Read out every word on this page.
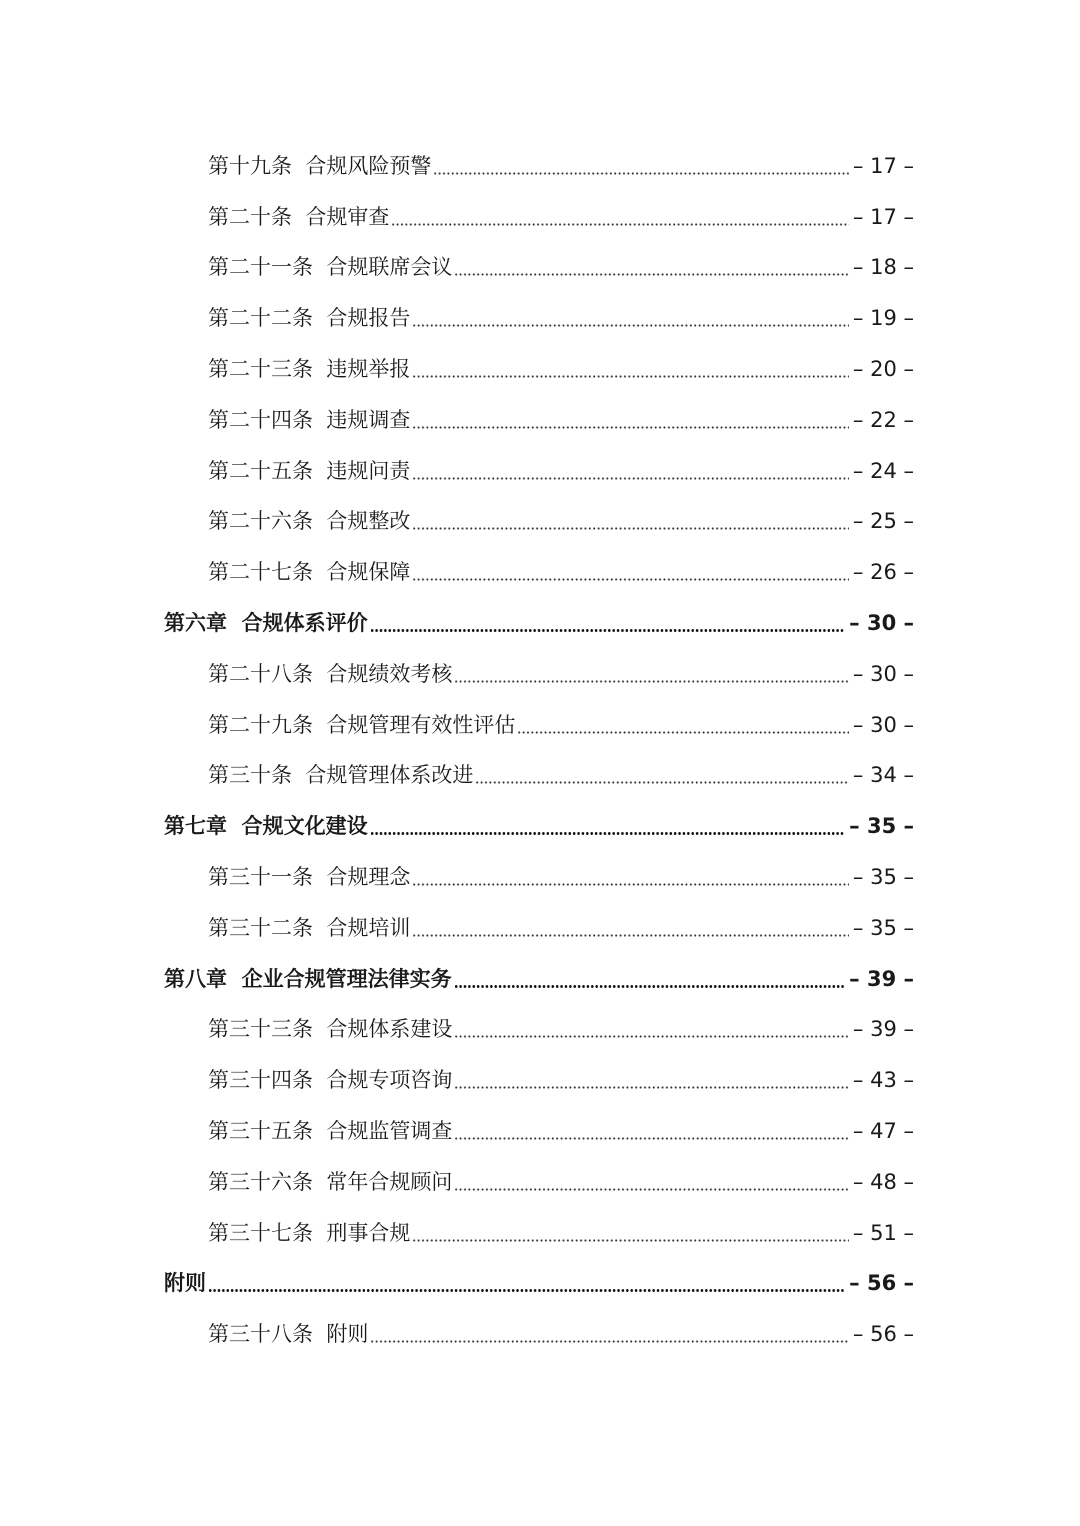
第十九条  合规风险预警	– 17 –
第二十条  合规审查	– 17 –
第二十一条  合规联席会议	– 18 –
第二十二条  合规报告	– 19 –
第二十三条  违规举报	– 20 –
第二十四条  违规调查	– 22 –
第二十五条  违规问责	– 24 –
第二十六条  合规整改	– 25 –
第二十七条  合规保障	– 26 –
第六章  合规体系评价	– 30 –
第二十八条  合规绩效考核	– 30 –
第二十九条  合规管理有效性评估	– 30 –
第三十条  合规管理体系改进	– 34 –
第七章  合规文化建设	– 35 –
第三十一条  合规理念	– 35 –
第三十二条  合规培训	– 35 –
第八章  企业合规管理法律实务	– 39 –
第三十三条  合规体系建设	– 39 –
第三十四条  合规专项咨询	– 43 –
第三十五条  合规监管调查	– 47 –
第三十六条  常年合规顾问	– 48 –
第三十七条  刑事合规	– 51 –
附则	– 56 –
第三十八条  附则	– 56 –
